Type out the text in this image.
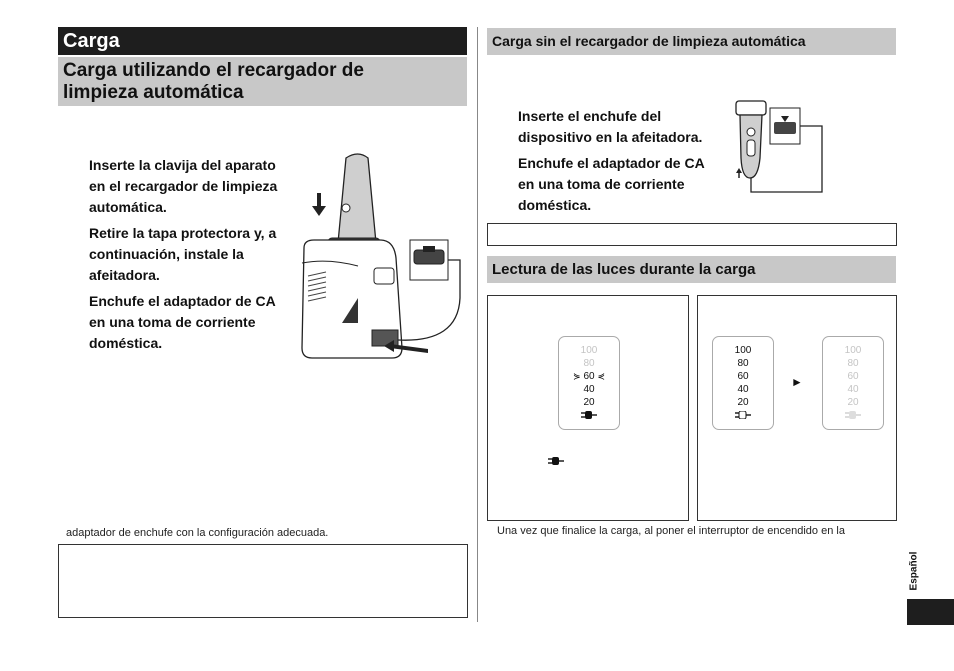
Carga
Carga utilizando el recargador de
limpieza automática
Inserte la clavija del aparato
en el recargador de limpieza
automática.
Retire la tapa protectora y, a
continuación, instale la
afeitadora.
Enchufe el adaptador de CA
en una toma de corriente
doméstica.
adaptador de enchufe con la configuración adecuada.
Carga sin el recargador de limpieza automática
Inserte el enchufe del
dispositivo en la afeitadora.
Enchufe el adaptador de CA
en una toma de corriente
doméstica.
Lectura de las luces durante la carga
100
80
⋟ 60 ⋞
40
20
100
80
60
40
20
►
100
80
60
40
20
Una vez que finalice la carga, al poner el interruptor de encendido en la
Español
